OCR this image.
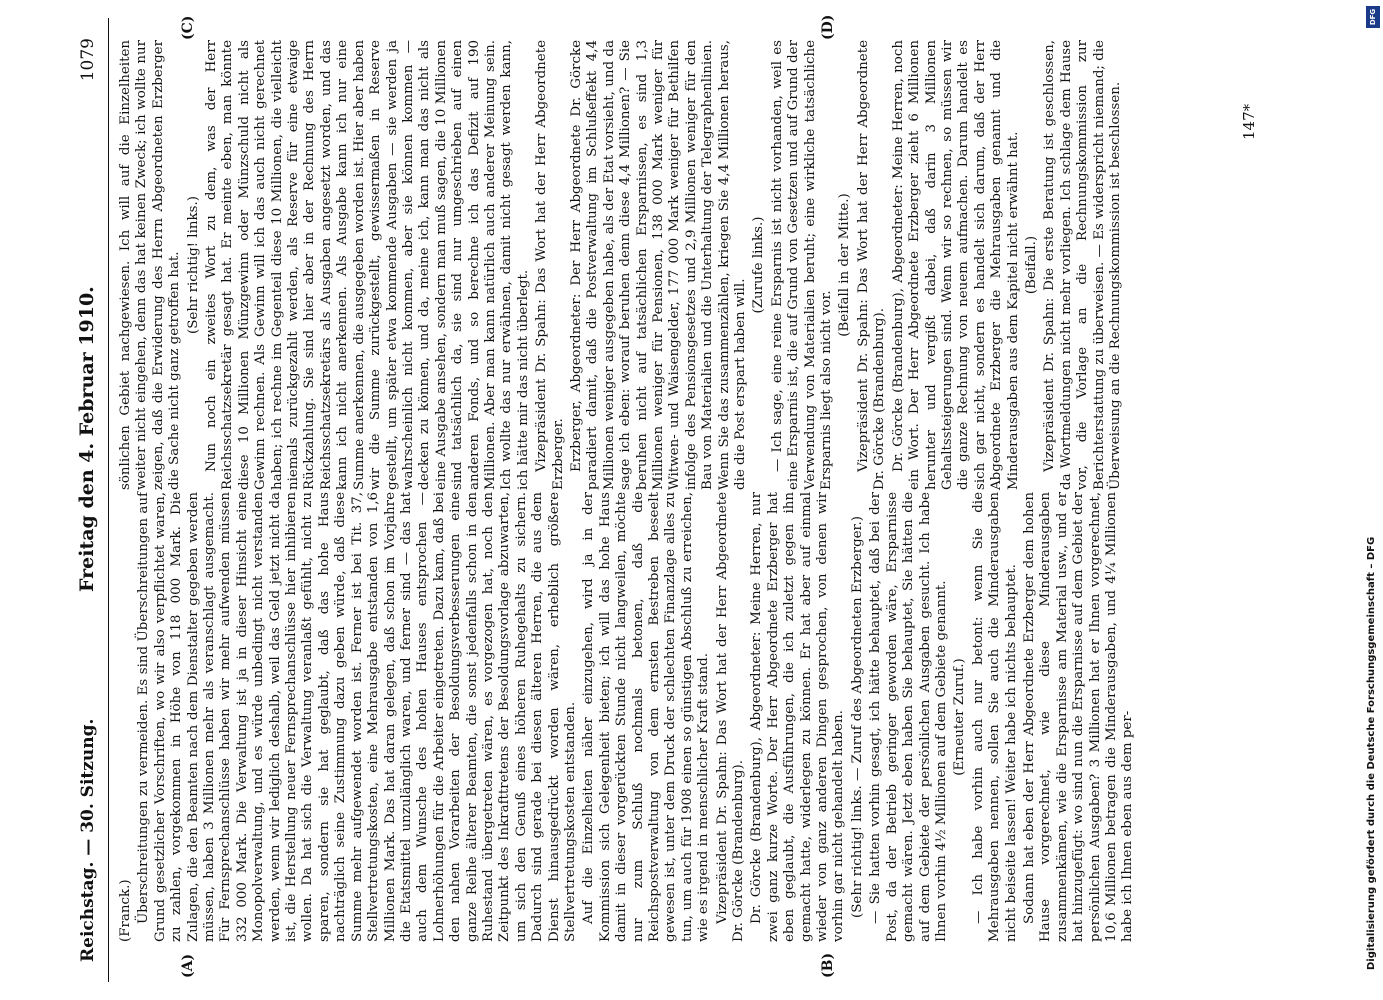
Reichstag. — 30. Sitzung.
Freitag den 4. Februar 1910.
1079
(A)	(B)
(C)	(D)

(Franck.) Überschreitungen zu vermeiden. Es sind Überschreitungen auf Grund gesetzlicher Vorschriften, wo wir also verpflichtet waren, zu zahlen, vorgekommen in Höhe von 118 000 Mark. Die Zulagen, die den Beamten nach dem Dienstalter gegeben werden müssen, haben 3 Millionen mehr als veranschlagt ausgemacht. Für Fernsprechanschlüsse haben wir mehr aufwenden müssen 332 000 Mark. Die Verwaltung ist ja in dieser Hinsicht eine Monopolverwaltung, und es würde unbedingt nicht verstanden werden, wenn wir lediglich deshalb, weil das Geld jetzt nicht da ist, die Herstellung neuer Fernsprechanschlüsse hier inhibieren wollen. Da hat sich die Verwaltung veranlaßt gefühlt, nicht zu sparen, sondern sie hat geglaubt, daß das hohe Haus nachträglich seine Zustimmung dazu geben würde, daß diese Summe mehr aufgewendet worden ist. Ferner ist bei Tit. 37, Stellvertretungskosten, eine Mehrausgabe entstanden von 1,6 Millionen Mark. Das hat daran gelegen, daß schon im Vorjahre die Etatsmittel unzulänglich waren, und ferner sind — das hat auch dem Wunsche des hohen Hauses entsprochen — Lohnerhöhungen für die Arbeiter eingetreten. Dazu kam, daß bei den nahen Vorarbeiten der Besoldungsverbesserungen eine ganze Reihe älterer Beamten, die sonst jedenfalls schon in den Ruhestand übergetreten wären, es vorgezogen hat, noch den Zeitpunkt des Inkrafttretens der Besoldungsvorlage abzuwarten, um sich den Genuß eines höheren Ruhegehalts zu sichern. Dadurch sind gerade bei diesen älteren Herren, die aus dem Dienst hinausgedrückt worden wären, erheblich größere Stellvertretungskosten entstanden. Auf die Einzelheiten näher einzugehen, wird ja in der Kommission sich Gelegenheit bieten; ich will das hohe Haus damit in dieser vorgerückten Stunde nicht langweilen, möchte nur zum Schluß nochmals betonen, daß die Reichspostverwaltung von dem ernsten Bestreben beseelt gewesen ist, unter dem Druck der schlechten Finanzlage alles zu tun, um auch für 1908 einen so günstigen Abschluß zu erreichen, wie es irgend in menschlicher Kraft stand. Vizepräsident Dr. Spahn: Das Wort hat der Herr Abgeordnete Dr. Görcke (Brandenburg). Dr. Görcke (Brandenburg), Abgeordneter: Meine Herren, nur zwei ganz kurze Worte. Der Herr Abgeordnete Erzberger hat eben geglaubt, die Ausführungen, die ich zuletzt gegen ihn gemacht hatte, widerlegen zu können. Er hat aber auf einmal wieder von ganz anderen Dingen gesprochen, von denen wir vorhin gar nicht gehandelt haben. (Sehr richtig! links. — Zuruf des Abgeordneten Erzberger.) — Sie hatten vorhin gesagt, ich hätte behauptet, daß bei der Post, da der Betrieb geringer geworden wäre, Ersparnisse gemacht wären. Jetzt eben haben Sie behauptet, Sie hätten die auf dem Gebiete der persönlichen Ausgaben gesucht. Ich habe Ihnen vorhin 4½ Millionen auf dem Gebiete genannt. (Erneuter Zuruf.) — Ich habe vorhin auch nur betont: wenn Sie die Mehrausgaben nennen, sollen Sie auch die Minderausgaben nicht beiseite lassen! Weiter habe ich nichts behauptet. Sodann hat eben der Herr Abgeordnete Erzberger dem hohen Hause vorgerechnet, wie diese Minderausgaben zusammenkämen, wie die Ersparnisse am Material usw., und er hat hinzugefügt: wo sind nun die Ersparnisse auf dem Gebiet der persönlichen Ausgaben? 3 Millionen hat er Ihnen vorgerechnet, 10,6 Millionen betragen die Minderausgaben, und 4¼ Millionen habe ich Ihnen eben aus dem per-

sönlichen Gebiet nachgewiesen. Ich will auf die Einzelheiten weiter nicht eingehen, denn das hat keinen Zweck; ich wollte nur zeigen, daß die Erwiderung des Herrn Abgeordneten Erzberger die Sache nicht ganz getroffen hat. (Sehr richtig! links.) Nun noch ein zweites Wort zu dem, was der Herr Reichsschatzsekretär gesagt hat. Er meinte eben, man könnte diese 10 Millionen Münzgewinn oder Münzschuld nicht als Gewinn rechnen. Als Gewinn will ich das auch nicht gerechnet haben; ich rechne im Gegenteil diese 10 Millionen, die vielleicht niemals zurückgezahlt werden, als Reserve für eine etwaige Rückzahlung. Sie sind hier aber in der Rechnung des Herrn Reichsschatzsekretärs als Ausgaben angesetzt worden, und das kann ich nicht anerkennen. Als Ausgabe kann ich nur eine Summe anerkennen, die ausgegeben worden ist. Hier aber haben wir die Summe zurückgestellt, gewissermaßen in Reserve gestellt, um später etwa kommende Ausgaben — sie werden ja wahrscheinlich nicht kommen, aber sie können kommen — decken zu können, und da, meine ich, kann man das nicht als eine Ausgabe ansehen, sondern man muß sagen, die 10 Millionen sind tatsächlich da, sie sind nur umgeschrieben auf einen anderen Fonds, und so berechne ich das Defizit auf 190 Millionen. Aber man kann natürlich auch anderer Meinung sein. Ich wollte das nur erwähnen, damit nicht gesagt werden kann, ich hätte mir das nicht überlegt. Vizepräsident Dr. Spahn: Das Wort hat der Herr Abgeordnete Erzberger. Erzberger, Abgeordneter: Der Herr Abgeordnete Dr. Görcke paradiert damit, daß die Postverwaltung im Schlußeffekt 4,4 Millionen weniger ausgegeben habe, als der Etat vorsieht, und da sage ich eben: worauf beruhen denn diese 4,4 Millionen? — Sie beruhen nicht auf tatsächlichen Ersparnissen, es sind 1,3 Millionen weniger für Pensionen, 138 000 Mark weniger für Witwen- und Waisengelder, 177 000 Mark weniger für Bethilfen infolge des Pensionsgesetzes und 2,9 Millionen weniger für den Bau von Materialien und die Unterhaltung der Telegraphenlinien. Wenn Sie das zusammenzählen, kriegen Sie 4,4 Millionen heraus, die die Post erspart haben will.

(Zurufe links.) — Ich sage, eine reine Ersparnis ist nicht vorhanden, weil es eine Ersparnis ist, die auf Grund von Gesetzen und auf Grund der Verwendung von Materialien beruht; eine wirkliche tatsächliche Ersparnis liegt also nicht vor.

(Beifall in der Mitte.) Vizepräsident Dr. Spahn: Das Wort hat der Herr Abgeordnete Dr. Görcke (Brandenburg). Dr. Görcke (Brandenburg), Abgeordneter: Meine Herren, noch ein Wort. Der Herr Abgeordnete Erzberger zieht 6 Millionen herunter und vergißt dabei, daß darin 3 Millionen Gehaltssteigerungen sind. Wenn wir so rechnen, so müssen wir die ganze Rechnung von neuem aufmachen. Darum handelt es sich gar nicht, sondern es handelt sich darum, daß der Herr Abgeordnete Erzberger die Mehrausgaben genannt und die Minderausgaben aus dem Kapitel nicht erwähnt hat. (Beifall.) Vizepräsident Dr. Spahn: Die erste Beratung ist geschlossen, da Wortmeldungen nicht mehr vorliegen. Ich schlage dem Hause vor, die Vorlage an die Rechnungskommission zur Berichterstattung zu überweisen. — Es widerspricht niemand; die Überweisung an die Rechnungskommission ist beschlossen.	147*
DFG
Digitalisierung gefördert durch die Deutsche Forschungsgemeinschaft – DFG
